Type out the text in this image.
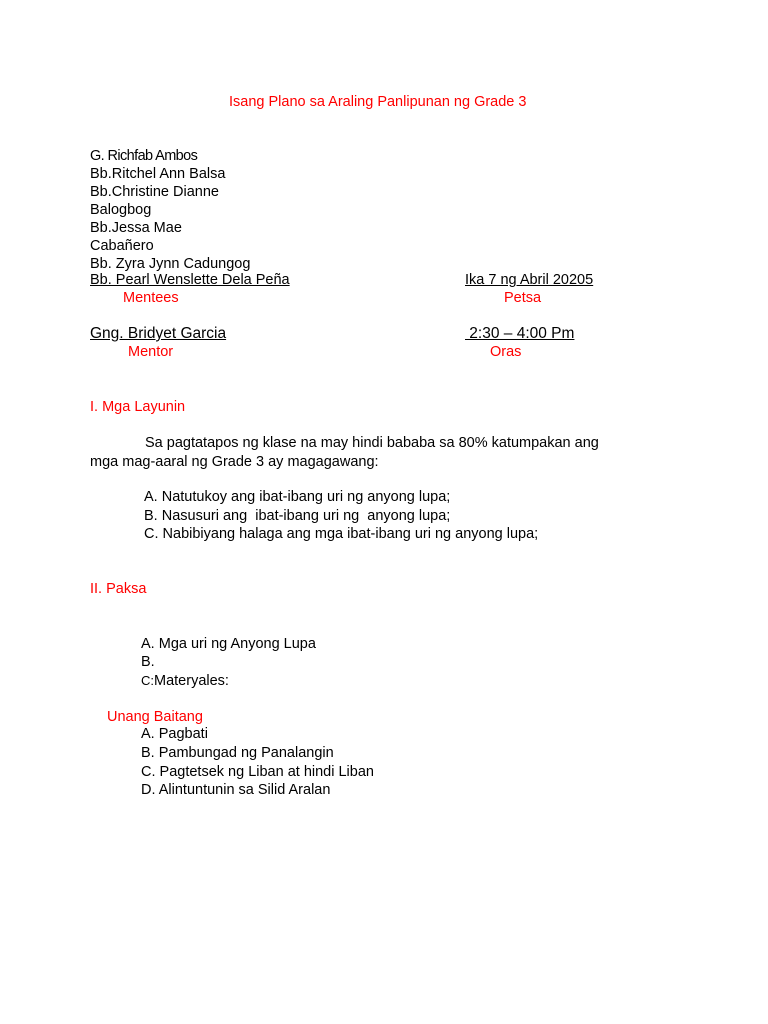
Isang Plano sa Araling Panlipunan ng Grade 3
G. Richfab Ambos
Bb.Ritchel Ann Balsa
Bb.Christine Dianne
Balogbog
Bb.Jessa Mae
Cabañero
Bb. Zyra Jynn Cadungog
Bb. Pearl Wenslette Dela Peña
Mentees
Ika 7 ng Abril 20205
Petsa
Gng. Bridyet Garcia
Mentor
2:30 – 4:00 Pm
Oras
I. Mga Layunin
Sa pagtatapos ng klase na may hindi bababa sa 80% katumpakan ang
mga mag-aaral ng Grade 3 ay magagawang:
A. Natutukoy ang ibat-ibang uri ng anyong lupa;
B. Nasusuri ang  ibat-ibang uri ng  anyong lupa;
C. Nabibiyang halaga ang mga ibat-ibang uri ng anyong lupa;
II. Paksa
A. Mga uri ng Anyong Lupa
B.
C:Materyales:
Unang Baitang
A. Pagbati
B. Pambungad ng Panalangin
C. Pagtetsek ng Liban at hindi Liban
D. Alintuntunin sa Silid Aralan
